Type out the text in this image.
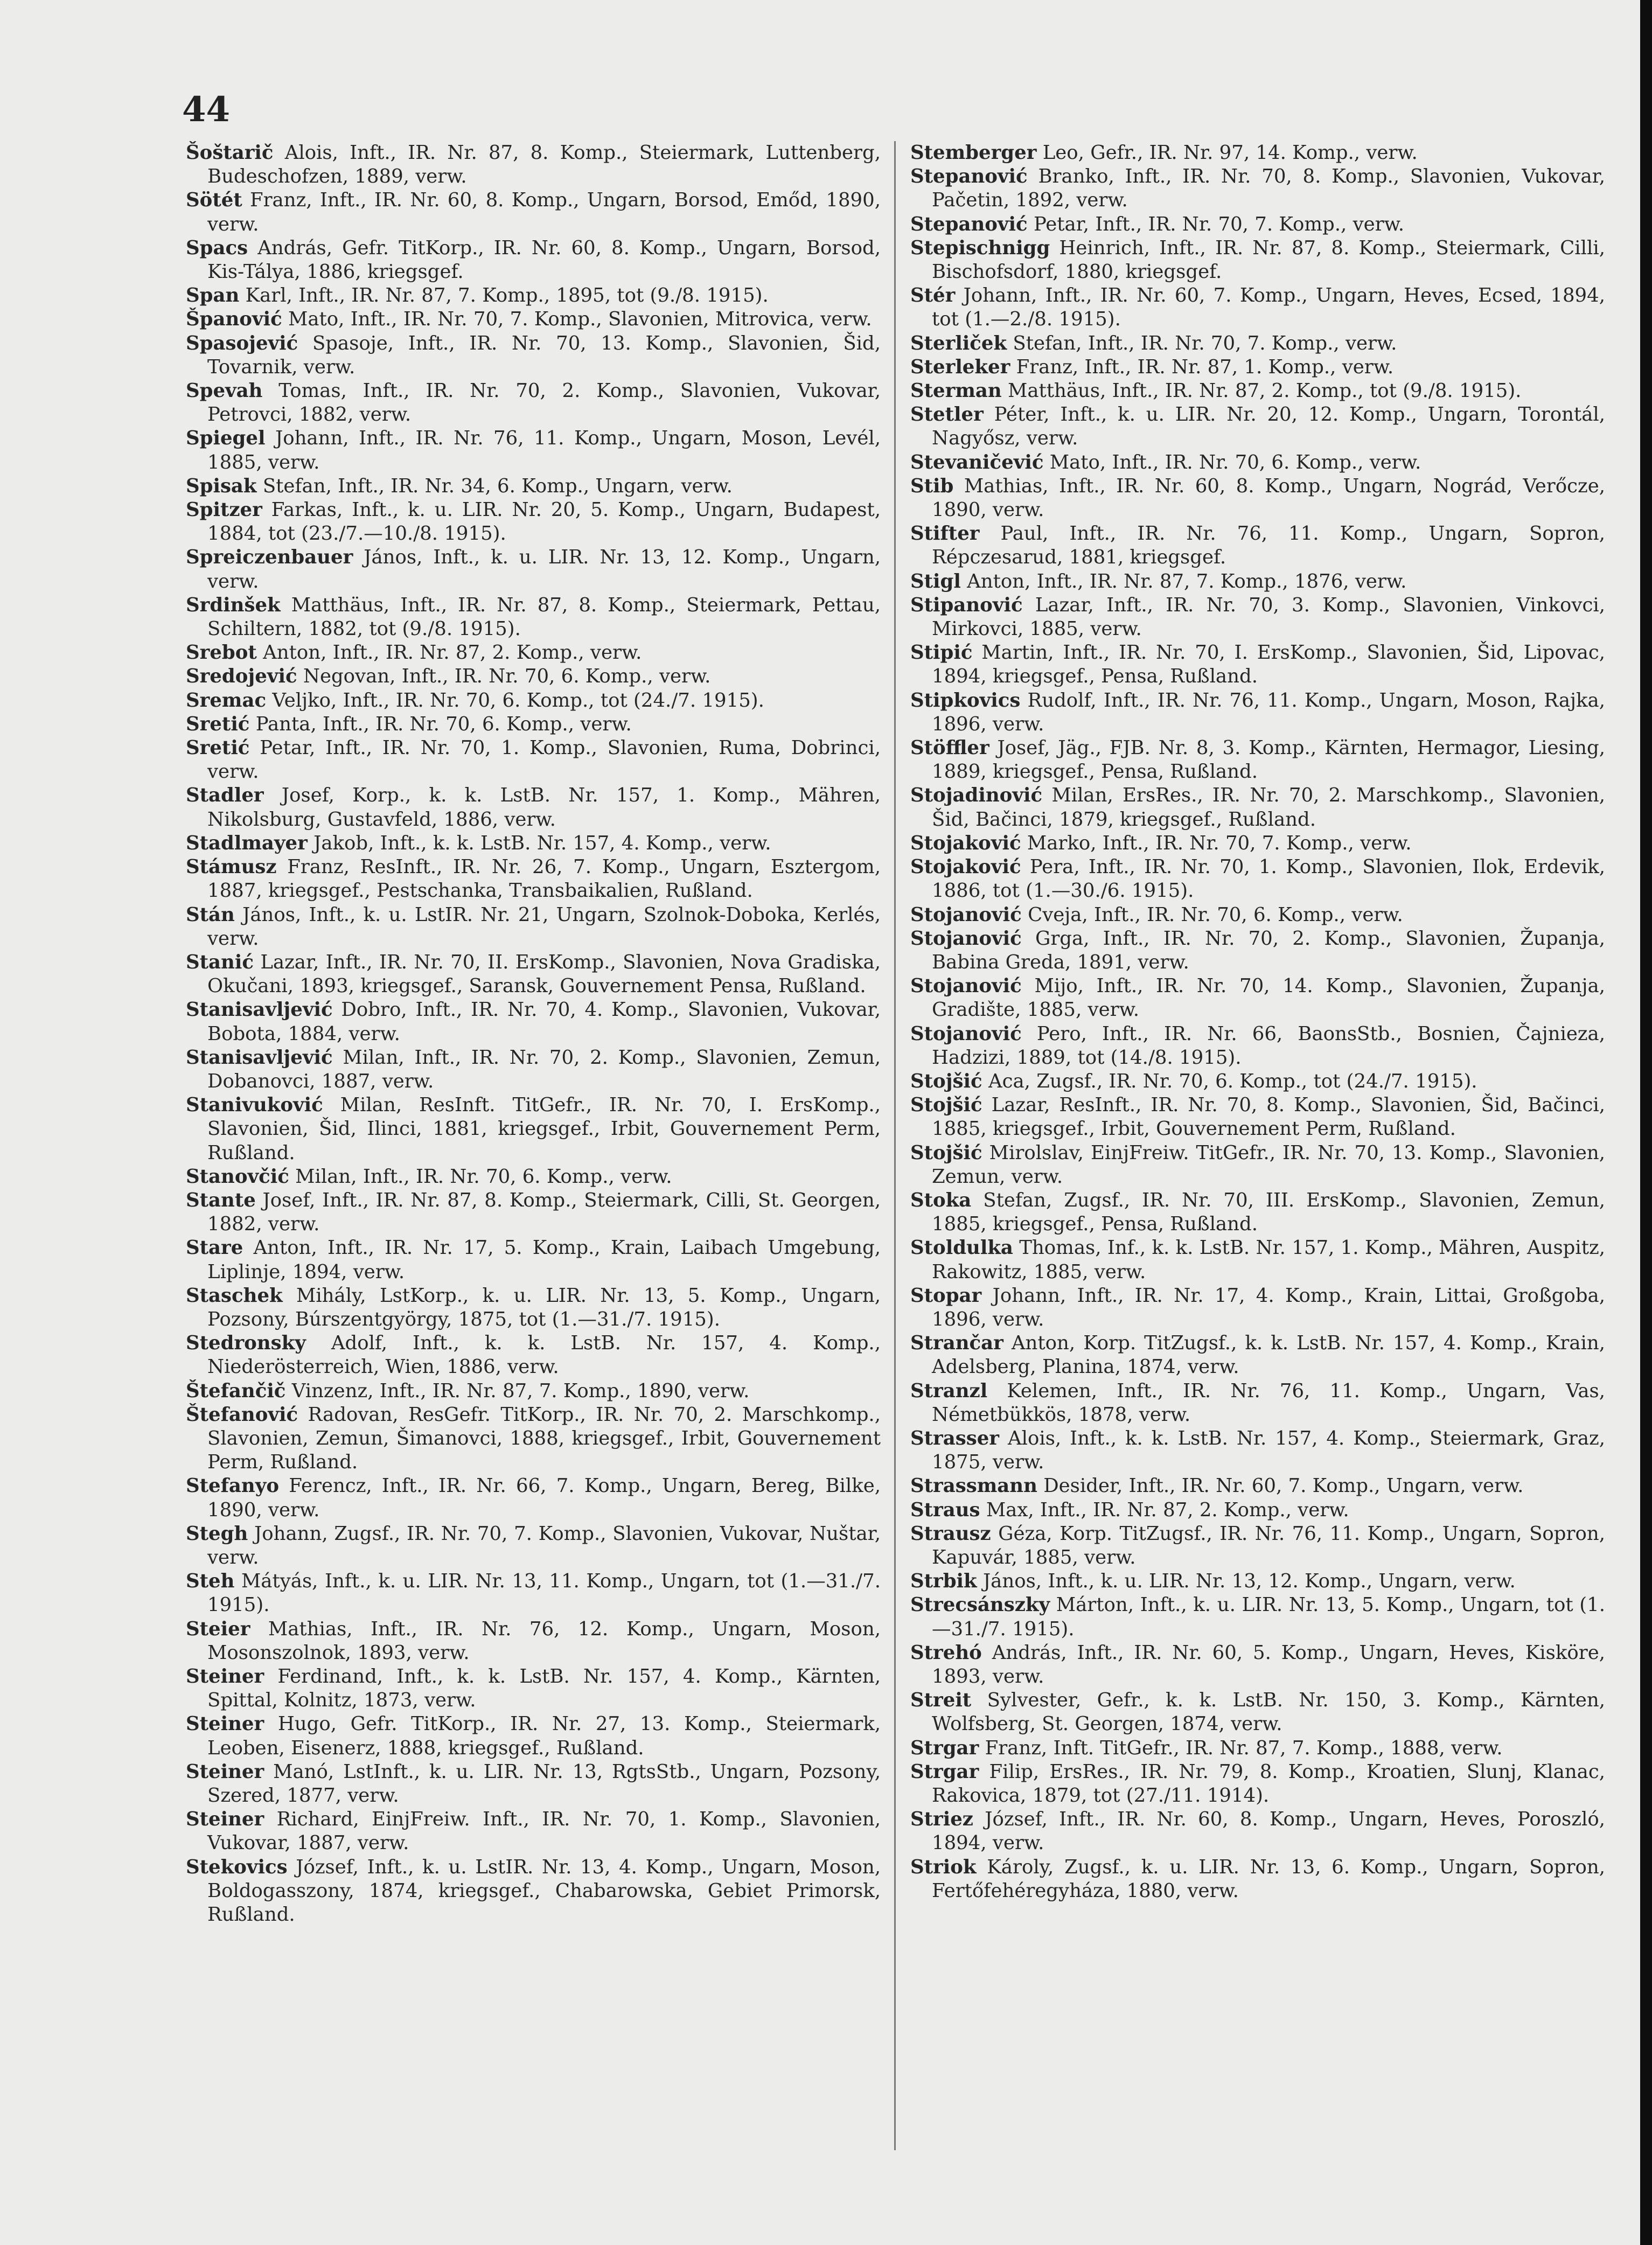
44
Šoštarič Alois, Inft., IR. Nr. 87, 8. Komp., Steiermark, Luttenberg, Budeschofzen, 1889, verw.
Sötét Franz, Inft., IR. Nr. 60, 8. Komp., Ungarn, Borsod, Emőd, 1890, verw.
Spacs András, Gefr. TitKorp., IR. Nr. 60, 8. Komp., Ungarn, Borsod, Kis-Tálya, 1886, kriegsgef.
Span Karl, Inft., IR. Nr. 87, 7. Komp., 1895, tot (9./8. 1915).
Španović Mato, Inft., IR. Nr. 70, 7. Komp., Slavonien, Mitrovica, verw.
Spasojević Spasoje, Inft., IR. Nr. 70, 13. Komp., Slavonien, Šid, Tovarnik, verw.
Spevah Tomas, Inft., IR. Nr. 70, 2. Komp., Slavonien, Vukovar, Petrovci, 1882, verw.
Spiegel Johann, Inft., IR. Nr. 76, 11. Komp., Ungarn, Moson, Levél, 1885, verw.
Spisak Stefan, Inft., IR. Nr. 34, 6. Komp., Ungarn, verw.
Spitzer Farkas, Inft., k. u. LIR. Nr. 20, 5. Komp., Ungarn, Budapest, 1884, tot (23./7.—10./8. 1915).
Spreiczenbauer János, Inft., k. u. LIR. Nr. 13, 12. Komp., Ungarn, verw.
Srdinšek Matthäus, Inft., IR. Nr. 87, 8. Komp., Steiermark, Pettau, Schiltern, 1882, tot (9./8. 1915).
Srebot Anton, Inft., IR. Nr. 87, 2. Komp., verw.
Sredojević Negovan, Inft., IR. Nr. 70, 6. Komp., verw.
Sremac Veljko, Inft., IR. Nr. 70, 6. Komp., tot (24./7. 1915).
Sretić Panta, Inft., IR. Nr. 70, 6. Komp., verw.
Sretić Petar, Inft., IR. Nr. 70, 1. Komp., Slavonien, Ruma, Dobrinci, verw.
Stadler Josef, Korp., k. k. LstB. Nr. 157, 1. Komp., Mähren, Nikolsburg, Gustavfeld, 1886, verw.
Stadlmayer Jakob, Inft., k. k. LstB. Nr. 157, 4. Komp., verw.
Stámusz Franz, ResInft., IR. Nr. 26, 7. Komp., Ungarn, Esztergom, 1887, kriegsgef., Pestschanka, Transbaikalien, Rußland.
Stán János, Inft., k. u. LstIR. Nr. 21, Ungarn, Szolnok-Doboka, Kerlés, verw.
Stanić Lazar, Inft., IR. Nr. 70, II. ErsKomp., Slavonien, Nova Gradiska, Okučani, 1893, kriegsgef., Saransk, Gouvernement Pensa, Rußland.
Stanisavljević Dobro, Inft., IR. Nr. 70, 4. Komp., Slavonien, Vukovar, Bobota, 1884, verw.
Stanisavljević Milan, Inft., IR. Nr. 70, 2. Komp., Slavonien, Zemun, Dobanovci, 1887, verw.
Stanivuković Milan, ResInft. TitGefr., IR. Nr. 70, I. ErsKomp., Slavonien, Šid, Ilinci, 1881, kriegsgef., Irbit, Gouvernement Perm, Rußland.
Stanovčić Milan, Inft., IR. Nr. 70, 6. Komp., verw.
Stante Josef, Inft., IR. Nr. 87, 8. Komp., Steiermark, Cilli, St. Georgen, 1882, verw.
Stare Anton, Inft., IR. Nr. 17, 5. Komp., Krain, Laibach Umgebung, Liplinje, 1894, verw.
Staschek Mihály, LstKorp., k. u. LIR. Nr. 13, 5. Komp., Ungarn, Pozsony, Búrszentgyörgy, 1875, tot (1.—31./7. 1915).
Stedronsky Adolf, Inft., k. k. LstB. Nr. 157, 4. Komp., Niederösterreich, Wien, 1886, verw.
Štefančič Vinzenz, Inft., IR. Nr. 87, 7. Komp., 1890, verw.
Štefanović Radovan, ResGefr. TitKorp., IR. Nr. 70, 2. Marschkomp., Slavonien, Zemun, Šimanovci, 1888, kriegsgef., Irbit, Gouvernement Perm, Rußland.
Stefanyo Ferencz, Inft., IR. Nr. 66, 7. Komp., Ungarn, Bereg, Bilke, 1890, verw.
Stegh Johann, Zugsf., IR. Nr. 70, 7. Komp., Slavonien, Vukovar, Nuštar, verw.
Steh Mátyás, Inft., k. u. LIR. Nr. 13, 11. Komp., Ungarn, tot (1.—31./7. 1915).
Steier Mathias, Inft., IR. Nr. 76, 12. Komp., Ungarn, Moson, Mosonszolnok, 1893, verw.
Steiner Ferdinand, Inft., k. k. LstB. Nr. 157, 4. Komp., Kärnten, Spittal, Kolnitz, 1873, verw.
Steiner Hugo, Gefr. TitKorp., IR. Nr. 27, 13. Komp., Steiermark, Leoben, Eisenerz, 1888, kriegsgef., Rußland.
Steiner Manó, LstInft., k. u. LIR. Nr. 13, RgtsStb., Ungarn, Pozsony, Szered, 1877, verw.
Steiner Richard, EinjFreiw. Inft., IR. Nr. 70, 1. Komp., Slavonien, Vukovar, 1887, verw.
Stekovics József, Inft., k. u. LstIR. Nr. 13, 4. Komp., Ungarn, Moson, Boldogasszony, 1874, kriegsgef., Chabarowska, Gebiet Primorsk, Rußland.
Stemberger Leo, Gefr., IR. Nr. 97, 14. Komp., verw.
Stepanović Branko, Inft., IR. Nr. 70, 8. Komp., Slavonien, Vukovar, Pačetin, 1892, verw.
Stepanović Petar, Inft., IR. Nr. 70, 7. Komp., verw.
Stepischnigg Heinrich, Inft., IR. Nr. 87, 8. Komp., Steiermark, Cilli, Bischofsdorf, 1880, kriegsgef.
Stér Johann, Inft., IR. Nr. 60, 7. Komp., Ungarn, Heves, Ecsed, 1894, tot (1.—2./8. 1915).
Sterliček Stefan, Inft., IR. Nr. 70, 7. Komp., verw.
Sterleker Franz, Inft., IR. Nr. 87, 1. Komp., verw.
Sterman Matthäus, Inft., IR. Nr. 87, 2. Komp., tot (9./8. 1915).
Stetler Péter, Inft., k. u. LIR. Nr. 20, 12. Komp., Ungarn, Torontál, Nagyősz, verw.
Stevaničević Mato, Inft., IR. Nr. 70, 6. Komp., verw.
Stib Mathias, Inft., IR. Nr. 60, 8. Komp., Ungarn, Nográd, Verőcze, 1890, verw.
Stifter Paul, Inft., IR. Nr. 76, 11. Komp., Ungarn, Sopron, Répczesarud, 1881, kriegsgef.
Stigl Anton, Inft., IR. Nr. 87, 7. Komp., 1876, verw.
Stipanović Lazar, Inft., IR. Nr. 70, 3. Komp., Slavonien, Vinkovci, Mirkovci, 1885, verw.
Stipić Martin, Inft., IR. Nr. 70, I. ErsKomp., Slavonien, Šid, Lipovac, 1894, kriegsgef., Pensa, Rußland.
Stipkovics Rudolf, Inft., IR. Nr. 76, 11. Komp., Ungarn, Moson, Rajka, 1896, verw.
Stöffler Josef, Jäg., FJB. Nr. 8, 3. Komp., Kärnten, Hermagor, Liesing, 1889, kriegsgef., Pensa, Rußland.
Stojadinović Milan, ErsRes., IR. Nr. 70, 2. Marschkomp., Slavonien, Šid, Bačinci, 1879, kriegsgef., Rußland.
Stojaković Marko, Inft., IR. Nr. 70, 7. Komp., verw.
Stojaković Pera, Inft., IR. Nr. 70, 1. Komp., Slavonien, Ilok, Erdevik, 1886, tot (1.—30./6. 1915).
Stojanović Cveja, Inft., IR. Nr. 70, 6. Komp., verw.
Stojanović Grga, Inft., IR. Nr. 70, 2. Komp., Slavonien, Županja, Babina Greda, 1891, verw.
Stojanović Mijo, Inft., IR. Nr. 70, 14. Komp., Slavonien, Županja, Gradište, 1885, verw.
Stojanović Pero, Inft., IR. Nr. 66, BaonsStb., Bosnien, Čajnieza, Hadzizi, 1889, tot (14./8. 1915).
Stojšić Aca, Zugsf., IR. Nr. 70, 6. Komp., tot (24./7. 1915).
Stojšić Lazar, ResInft., IR. Nr. 70, 8. Komp., Slavonien, Šid, Bačinci, 1885, kriegsgef., Irbit, Gouvernement Perm, Rußland.
Stojšić Mirolslav, EinjFreiw. TitGefr., IR. Nr. 70, 13. Komp., Slavonien, Zemun, verw.
Stoka Stefan, Zugsf., IR. Nr. 70, III. ErsKomp., Slavonien, Zemun, 1885, kriegsgef., Pensa, Rußland.
Stoldulka Thomas, Inf., k. k. LstB. Nr. 157, 1. Komp., Mähren, Auspitz, Rakowitz, 1885, verw.
Stopar Johann, Inft., IR. Nr. 17, 4. Komp., Krain, Littai, Großgoba, 1896, verw.
Strančar Anton, Korp. TitZugsf., k. k. LstB. Nr. 157, 4. Komp., Krain, Adelsberg, Planina, 1874, verw.
Stranzl Kelemen, Inft., IR. Nr. 76, 11. Komp., Ungarn, Vas, Németbükkös, 1878, verw.
Strasser Alois, Inft., k. k. LstB. Nr. 157, 4. Komp., Steiermark, Graz, 1875, verw.
Strassmann Desider, Inft., IR. Nr. 60, 7. Komp., Ungarn, verw.
Straus Max, Inft., IR. Nr. 87, 2. Komp., verw.
Strausz Géza, Korp. TitZugsf., IR. Nr. 76, 11. Komp., Ungarn, Sopron, Kapuvár, 1885, verw.
Strbik János, Inft., k. u. LIR. Nr. 13, 12. Komp., Ungarn, verw.
Strecsánszky Márton, Inft., k. u. LIR. Nr. 13, 5. Komp., Ungarn, tot (1.—31./7. 1915).
Strehó András, Inft., IR. Nr. 60, 5. Komp., Ungarn, Heves, Kisköre, 1893, verw.
Streit Sylvester, Gefr., k. k. LstB. Nr. 150, 3. Komp., Kärnten, Wolfsberg, St. Georgen, 1874, verw.
Strgar Franz, Inft. TitGefr., IR. Nr. 87, 7. Komp., 1888, verw.
Strgar Filip, ErsRes., IR. Nr. 79, 8. Komp., Kroatien, Slunj, Klanac, Rakovica, 1879, tot (27./11. 1914).
Striez József, Inft., IR. Nr. 60, 8. Komp., Ungarn, Heves, Poroszló, 1894, verw.
Striok Károly, Zugsf., k. u. LIR. Nr. 13, 6. Komp., Ungarn, Sopron, Fertőfehéregyháza, 1880, verw.
